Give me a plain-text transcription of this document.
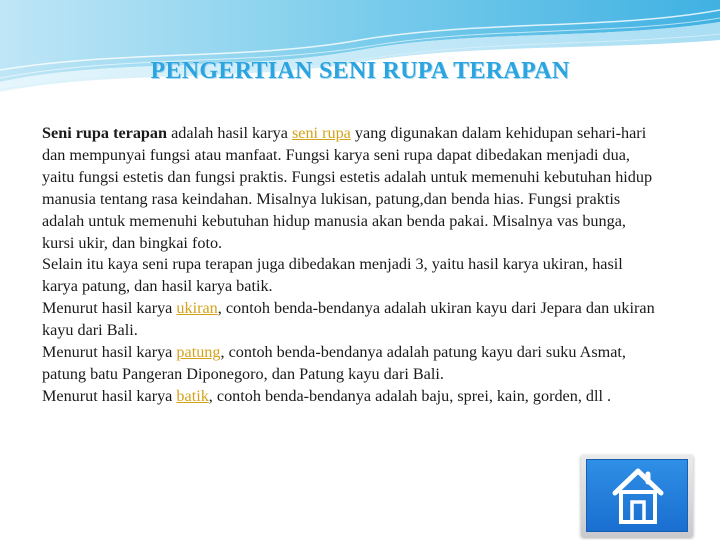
PENGERTIAN SENI RUPA TERAPAN

Seni rupa terapan adalah hasil karya seni rupa yang digunakan dalam kehidupan sehari-hari dan mempunyai fungsi atau manfaat. Fungsi karya seni rupa dapat dibedakan menjadi dua, yaitu fungsi estetis dan fungsi praktis. Fungsi estetis adalah untuk memenuhi kebutuhan hidup manusia tentang rasa keindahan. Misalnya lukisan, patung,dan benda hias. Fungsi praktis adalah untuk memenuhi kebutuhan hidup manusia akan benda pakai. Misalnya vas bunga, kursi ukir, dan bingkai foto.

Selain itu kaya seni rupa terapan juga dibedakan menjadi 3, yaitu hasil karya ukiran, hasil karya patung, dan hasil karya batik.

Menurut hasil karya ukiran, contoh benda-bendanya adalah ukiran kayu dari Jepara dan ukiran kayu dari Bali.

Menurut hasil karya patung, contoh benda-bendanya adalah patung kayu dari suku Asmat, patung batu Pangeran Diponegoro, dan Patung kayu dari Bali.

Menurut hasil karya batik, contoh benda-bendanya adalah baju, sprei, kain, gorden, dll .
